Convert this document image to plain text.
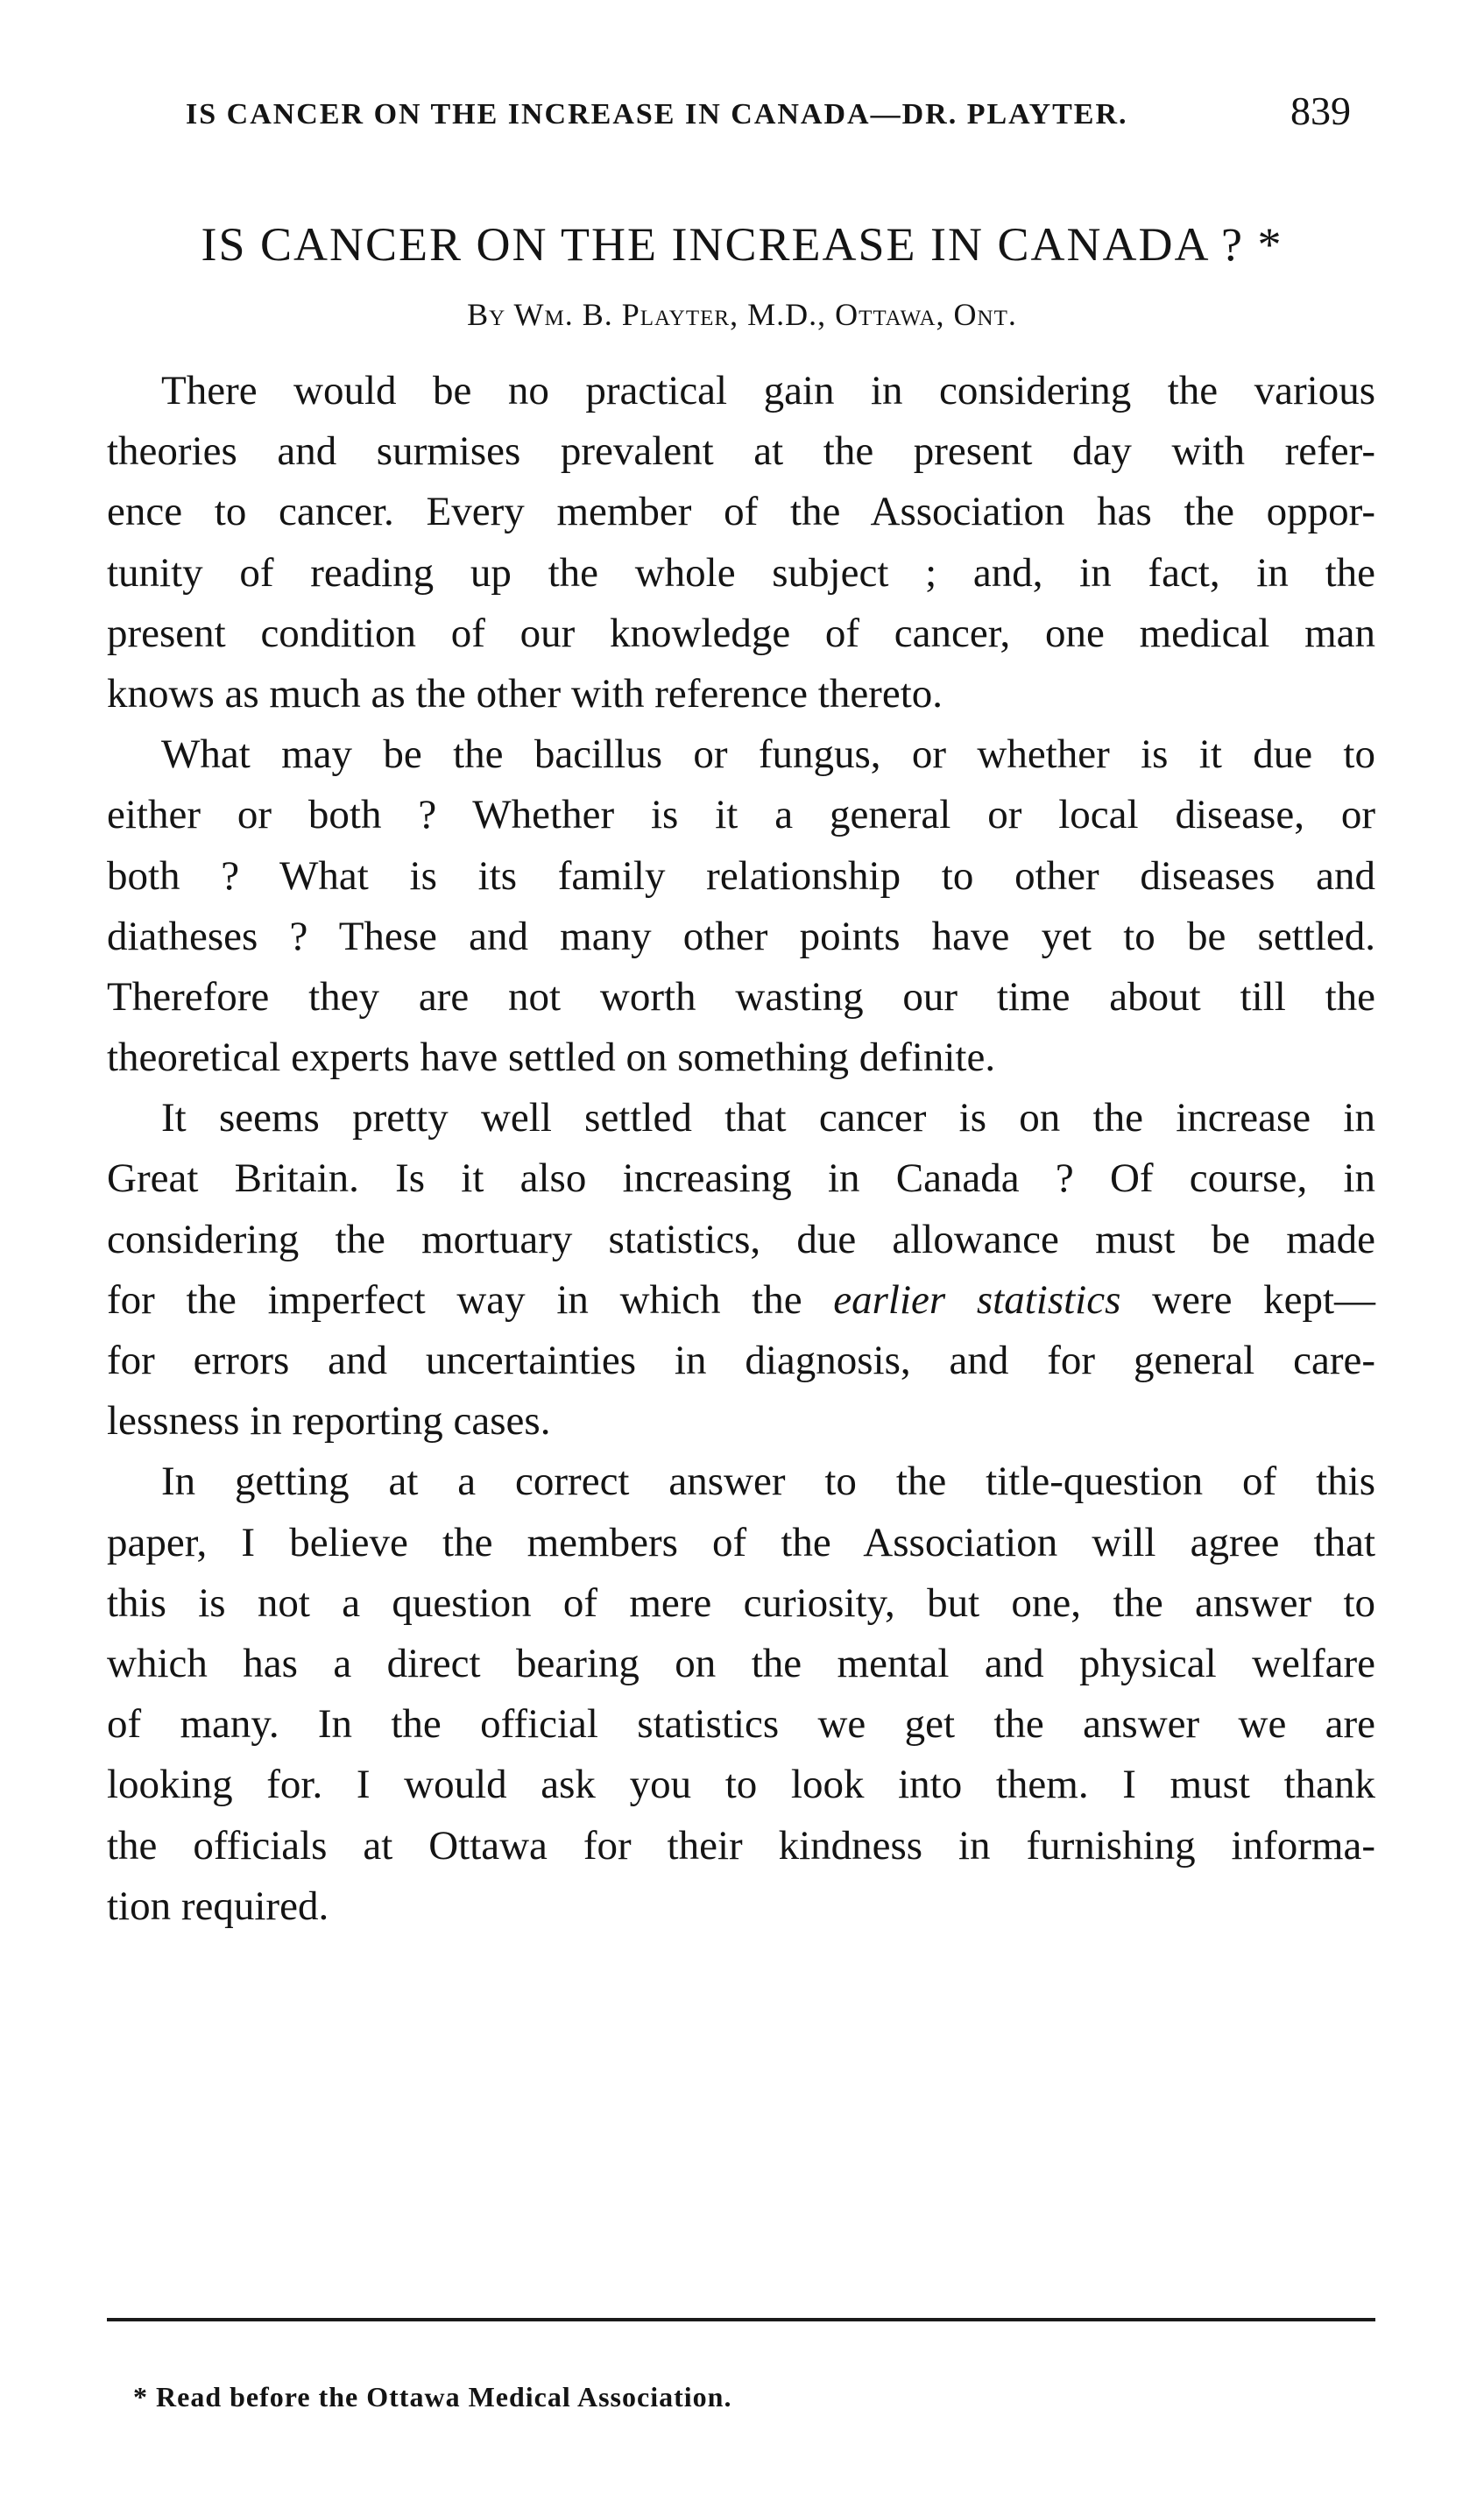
IS CANCER ON THE INCREASE IN CANADA—DR. PLAYTER.	839
IS CANCER ON THE INCREASE IN CANADA ? *
By Wm. B. Playter, M.D., Ottawa, Ont.
There would be no practical gain in considering the various
theories and surmises prevalent at the present day with refer-
ence to cancer. Every member of the Association has the oppor-
tunity of reading up the whole subject ; and, in fact, in the
present condition of our knowledge of cancer, one medical man
knows as much as the other with reference thereto.
What may be the bacillus or fungus, or whether is it due to
either or both ? Whether is it a general or local disease, or
both ? What is its family relationship to other diseases and
diatheses ? These and many other points have yet to be settled.
Therefore they are not worth wasting our time about till the
theoretical experts have settled on something definite.
It seems pretty well settled that cancer is on the increase in
Great Britain. Is it also increasing in Canada ? Of course, in
considering the mortuary statistics, due allowance must be made
for the imperfect way in which the earlier statistics were kept—
for errors and uncertainties in diagnosis, and for general care-
lessness in reporting cases.
In getting at a correct answer to the title-question of this
paper, I believe the members of the Association will agree that
this is not a question of mere curiosity, but one, the answer to
which has a direct bearing on the mental and physical welfare
of many. In the official statistics we get the answer we are
looking for. I would ask you to look into them. I must thank
the officials at Ottawa for their kindness in furnishing informa-
tion required.
* Read before the Ottawa Medical Association.
